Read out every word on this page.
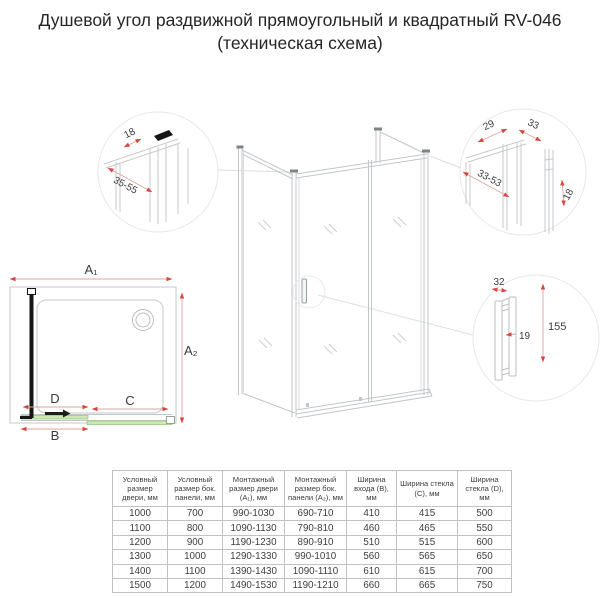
Душевой угол раздвижной прямоугольный и квадратный RV-046
(техническая схема)
18
35-55
29	33
33-53
18
32
155
19
A₁
A₂
D	C
B
Условный размер двери, мм	Условный размер бок. панели, мм	Монтажный размер двери (A₁), мм	Монтажный размер бок. панели (A₂), мм	Ширина входа (B), мм	Ширина стекла (C), мм	Ширина стекла (D), мм
1000	700	990-1030	690-710	410	415	500
1100	800	1090-1130	790-810	460	465	550
1200	900	1190-1230	890-910	510	515	600
1300	1000	1290-1330	990-1010	560	565	650
1400	1100	1390-1430	1090-1110	610	615	700
1500	1200	1490-1530	1190-1210	660	665	750
